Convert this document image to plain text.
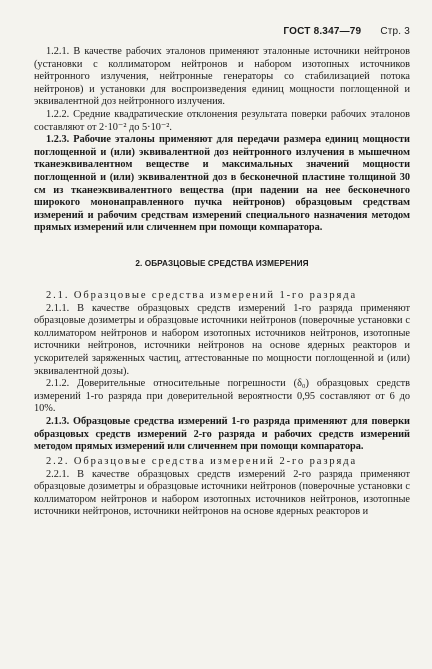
ГОСТ 8.347—79 Стр. 3

1.2.1. В качестве рабочих эталонов применяют эталонные источники нейтронов (установки с коллиматором нейтронов и набором изотопных источников нейтронного излучения, нейтронные генераторы со стабилизацией потока нейтронов) и установки для воспроизведения единиц мощности поглощенной и эквивалентной доз нейтронного излучения.

1.2.2. Средние квадратические отклонения результата поверки рабочих эталонов составляют от 2·10⁻² до 5·10⁻².

1.2.3. Рабочие эталоны применяют для передачи размера единиц мощности поглощенной и (или) эквивалентной доз нейтронного излучения в мышечном тканеэквивалентном веществе и максимальных значений мощности поглощенной и (или) эквивалентной доз в бесконечной пластине толщиной 30 см из тканеэквивалентного вещества (при падении на нее бесконечного широкого мононаправленного пучка нейтронов) образцовым средствам измерений и рабочим средствам измерений специального назначения методом прямых измерений или сличеннем при помощи компаратора.

2. ОБРАЗЦОВЫЕ СРЕДСТВА ИЗМЕРЕНИЯ

2.1. Образцовые средства измерений 1-го разряда

2.1.1. В качестве образцовых средств измерений 1-го разряда применяют образцовые дозиметры и образцовые источники нейтронов (поверочные установки с коллиматором нейтронов и набором изотопных источников нейтронов, изотопные источники нейтронов, источники нейтронов на основе ядерных реакторов и ускорителей заряженных частиц, аттестованные по мощности поглощенной и (или) эквивалентной дозы).

2.1.2. Доверительные относительные погрешности (δ₀) образцовых средств измерений 1-го разряда при доверительной вероятности 0,95 составляют от 6 до 10%.

2.1.3. Образцовые средства измерений 1-го разряда применяют для поверки образцовых средств измерений 2-го разряда и рабочих средств измерений методом прямых измерений или сличеннем при помощи компаратора.

2.2. Образцовые средства измерений 2-го разряда

2.2.1. В качестве образцовых средств измерений 2-го разряда применяют образцовые дозиметры и образцовые источники нейтронов (поверочные установки с коллиматором нейтронов и набором изотопных источников нейтронов, изотопные источники нейтронов, источники нейтронов на основе ядерных реакторов и
